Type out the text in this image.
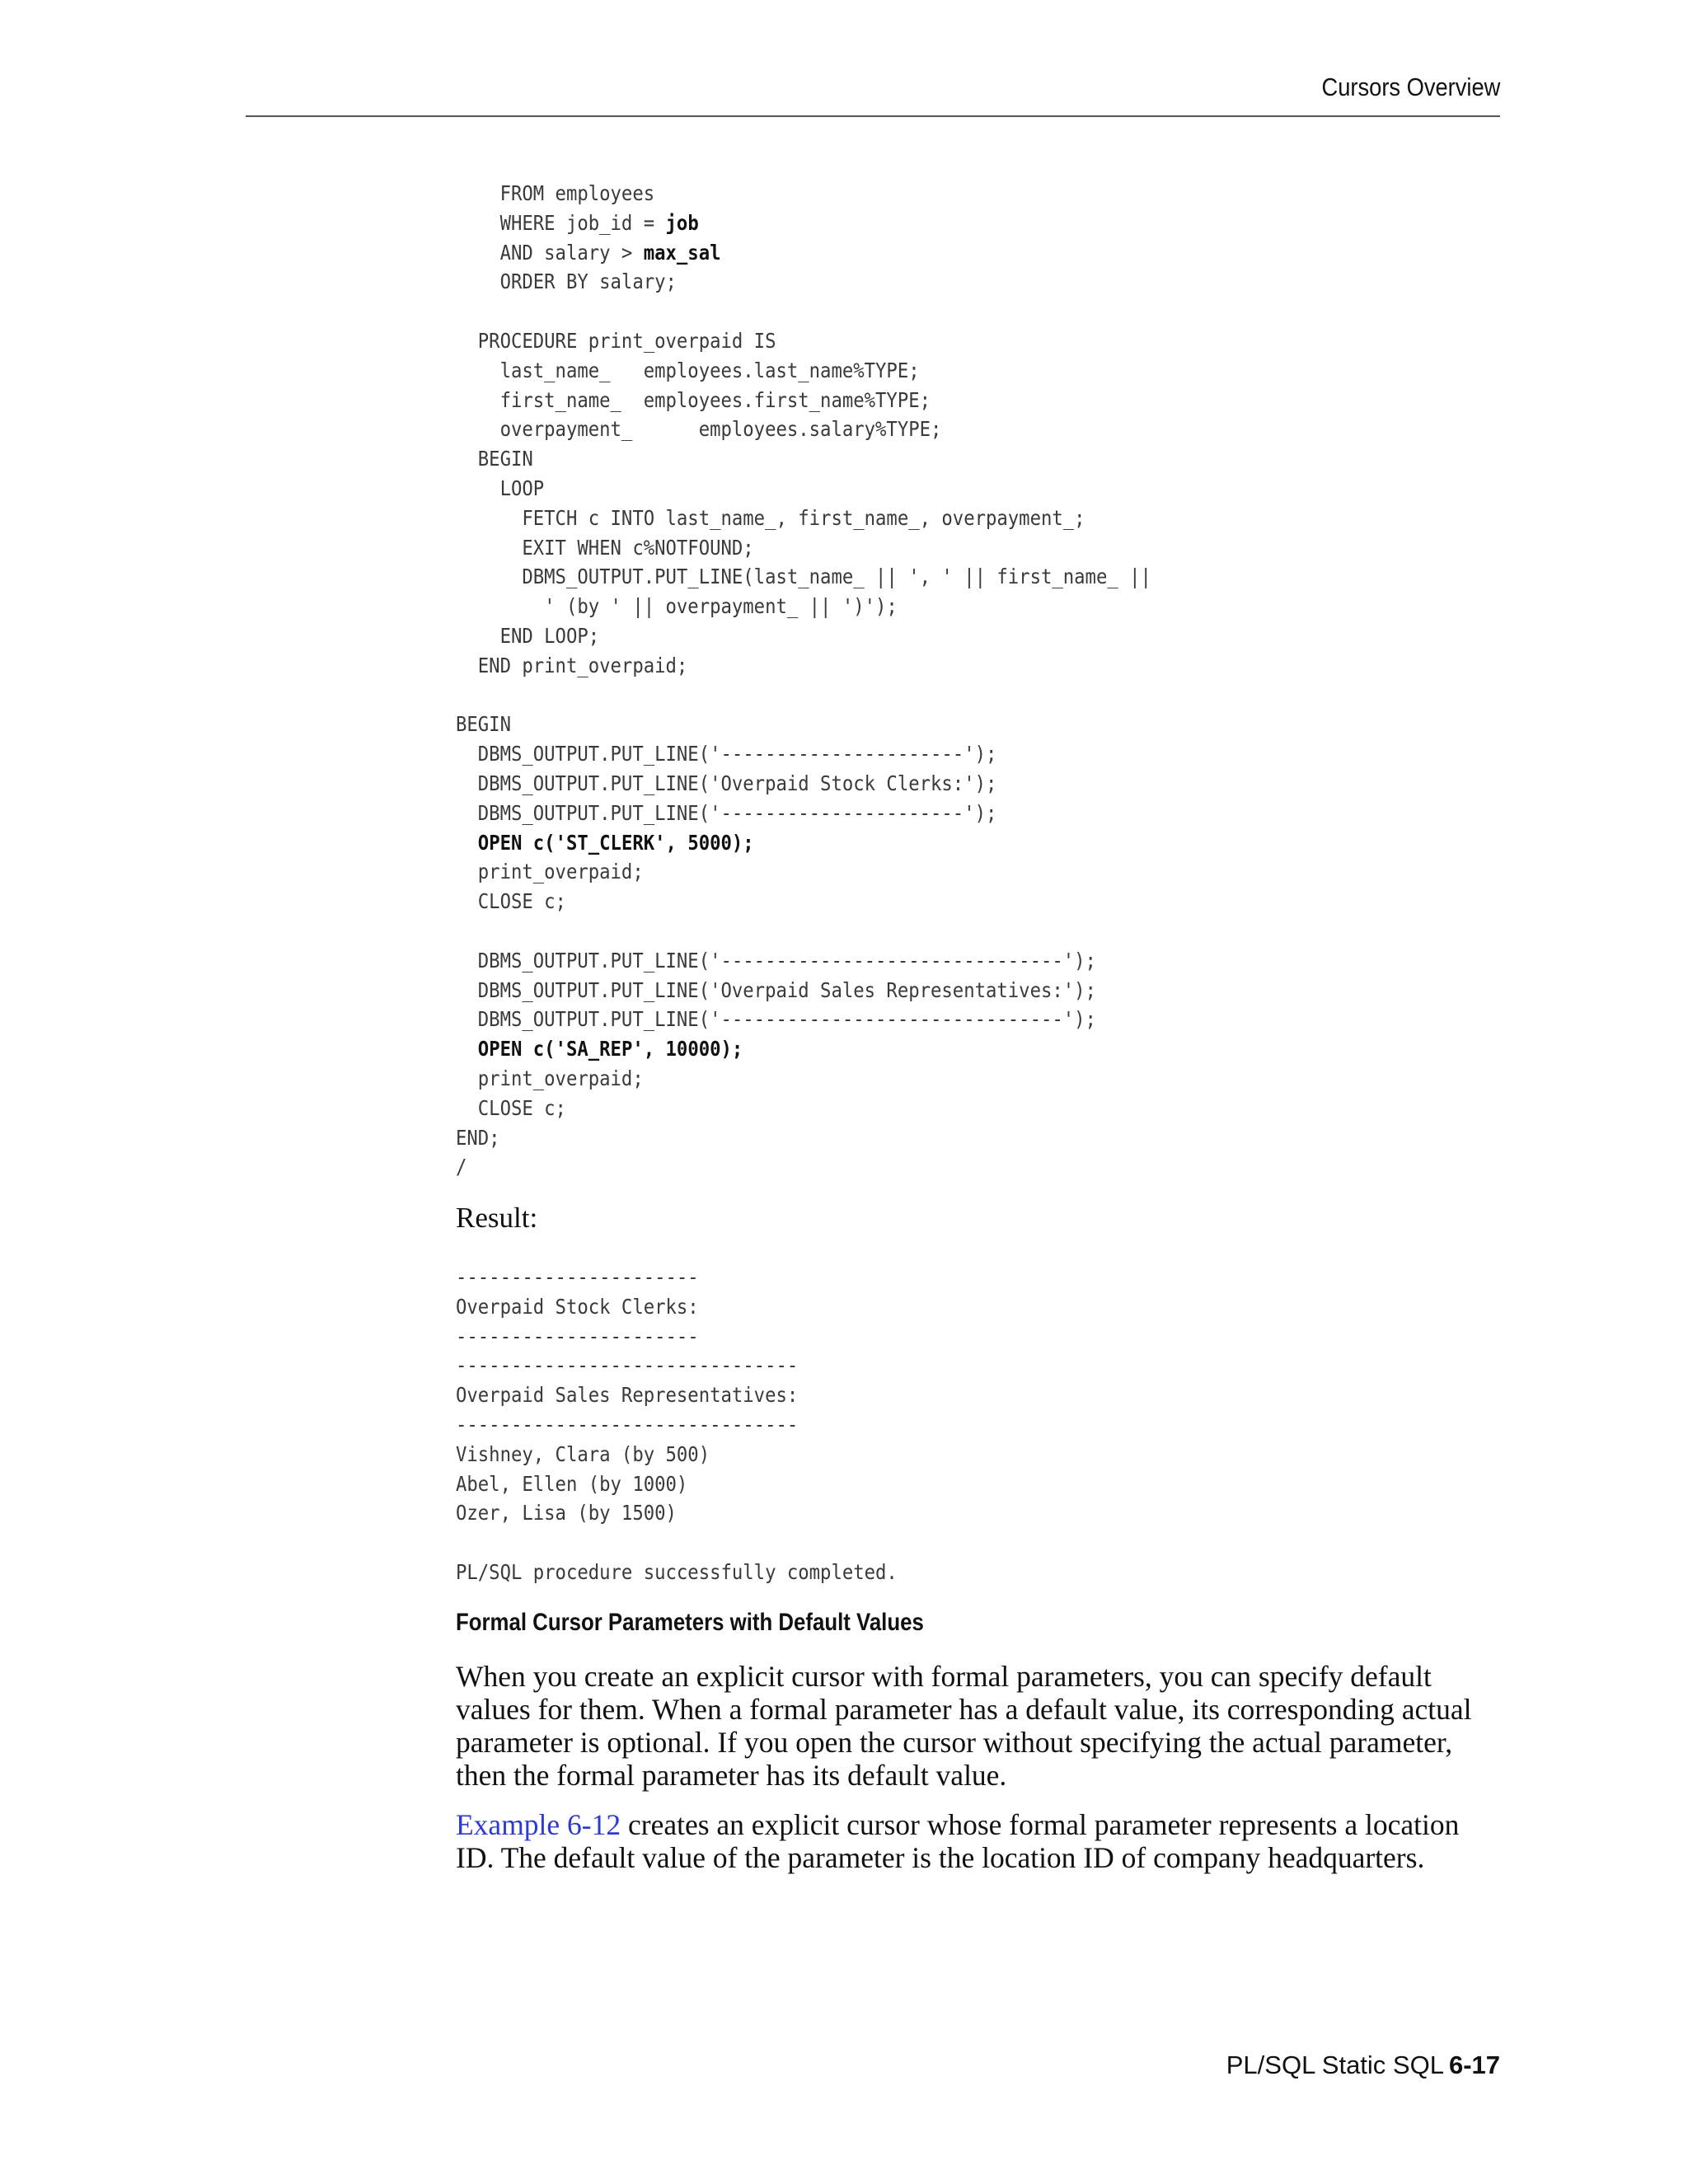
Cursors Overview
FROM employees
WHERE job_id = job
AND salary > max_sal
ORDER BY salary;
PROCEDURE print_overpaid IS
last_name_   employees.last_name%TYPE;
first_name_  employees.first_name%TYPE;
overpayment_      employees.salary%TYPE;
BEGIN
LOOP
FETCH c INTO last_name_, first_name_, overpayment_;
EXIT WHEN c%NOTFOUND;
DBMS_OUTPUT.PUT_LINE(last_name_ || ', ' || first_name_ ||
' (by ' || overpayment_ || ')');
END LOOP;
END print_overpaid;
BEGIN
DBMS_OUTPUT.PUT_LINE('----------------------');
DBMS_OUTPUT.PUT_LINE('Overpaid Stock Clerks:');
DBMS_OUTPUT.PUT_LINE('----------------------');
OPEN c('ST_CLERK', 5000);
print_overpaid;
CLOSE c;
DBMS_OUTPUT.PUT_LINE('-------------------------------');
DBMS_OUTPUT.PUT_LINE('Overpaid Sales Representatives:');
DBMS_OUTPUT.PUT_LINE('-------------------------------');
OPEN c('SA_REP', 10000);
print_overpaid;
CLOSE c;
END;
/
Result:
----------------------
Overpaid Stock Clerks:
----------------------
-------------------------------
Overpaid Sales Representatives:
-------------------------------
Vishney, Clara (by 500)
Abel, Ellen (by 1000)
Ozer, Lisa (by 1500)
PL/SQL procedure successfully completed.
Formal Cursor Parameters with Default Values

When you create an explicit cursor with formal parameters, you can specify default values for them. When a formal parameter has a default value, its corresponding actual parameter is optional. If you open the cursor without specifying the actual parameter, then the formal parameter has its default value.

Example 6-12 creates an explicit cursor whose formal parameter represents a location ID. The default value of the parameter is the location ID of company headquarters.

PL/SQL Static SQL 6-17
